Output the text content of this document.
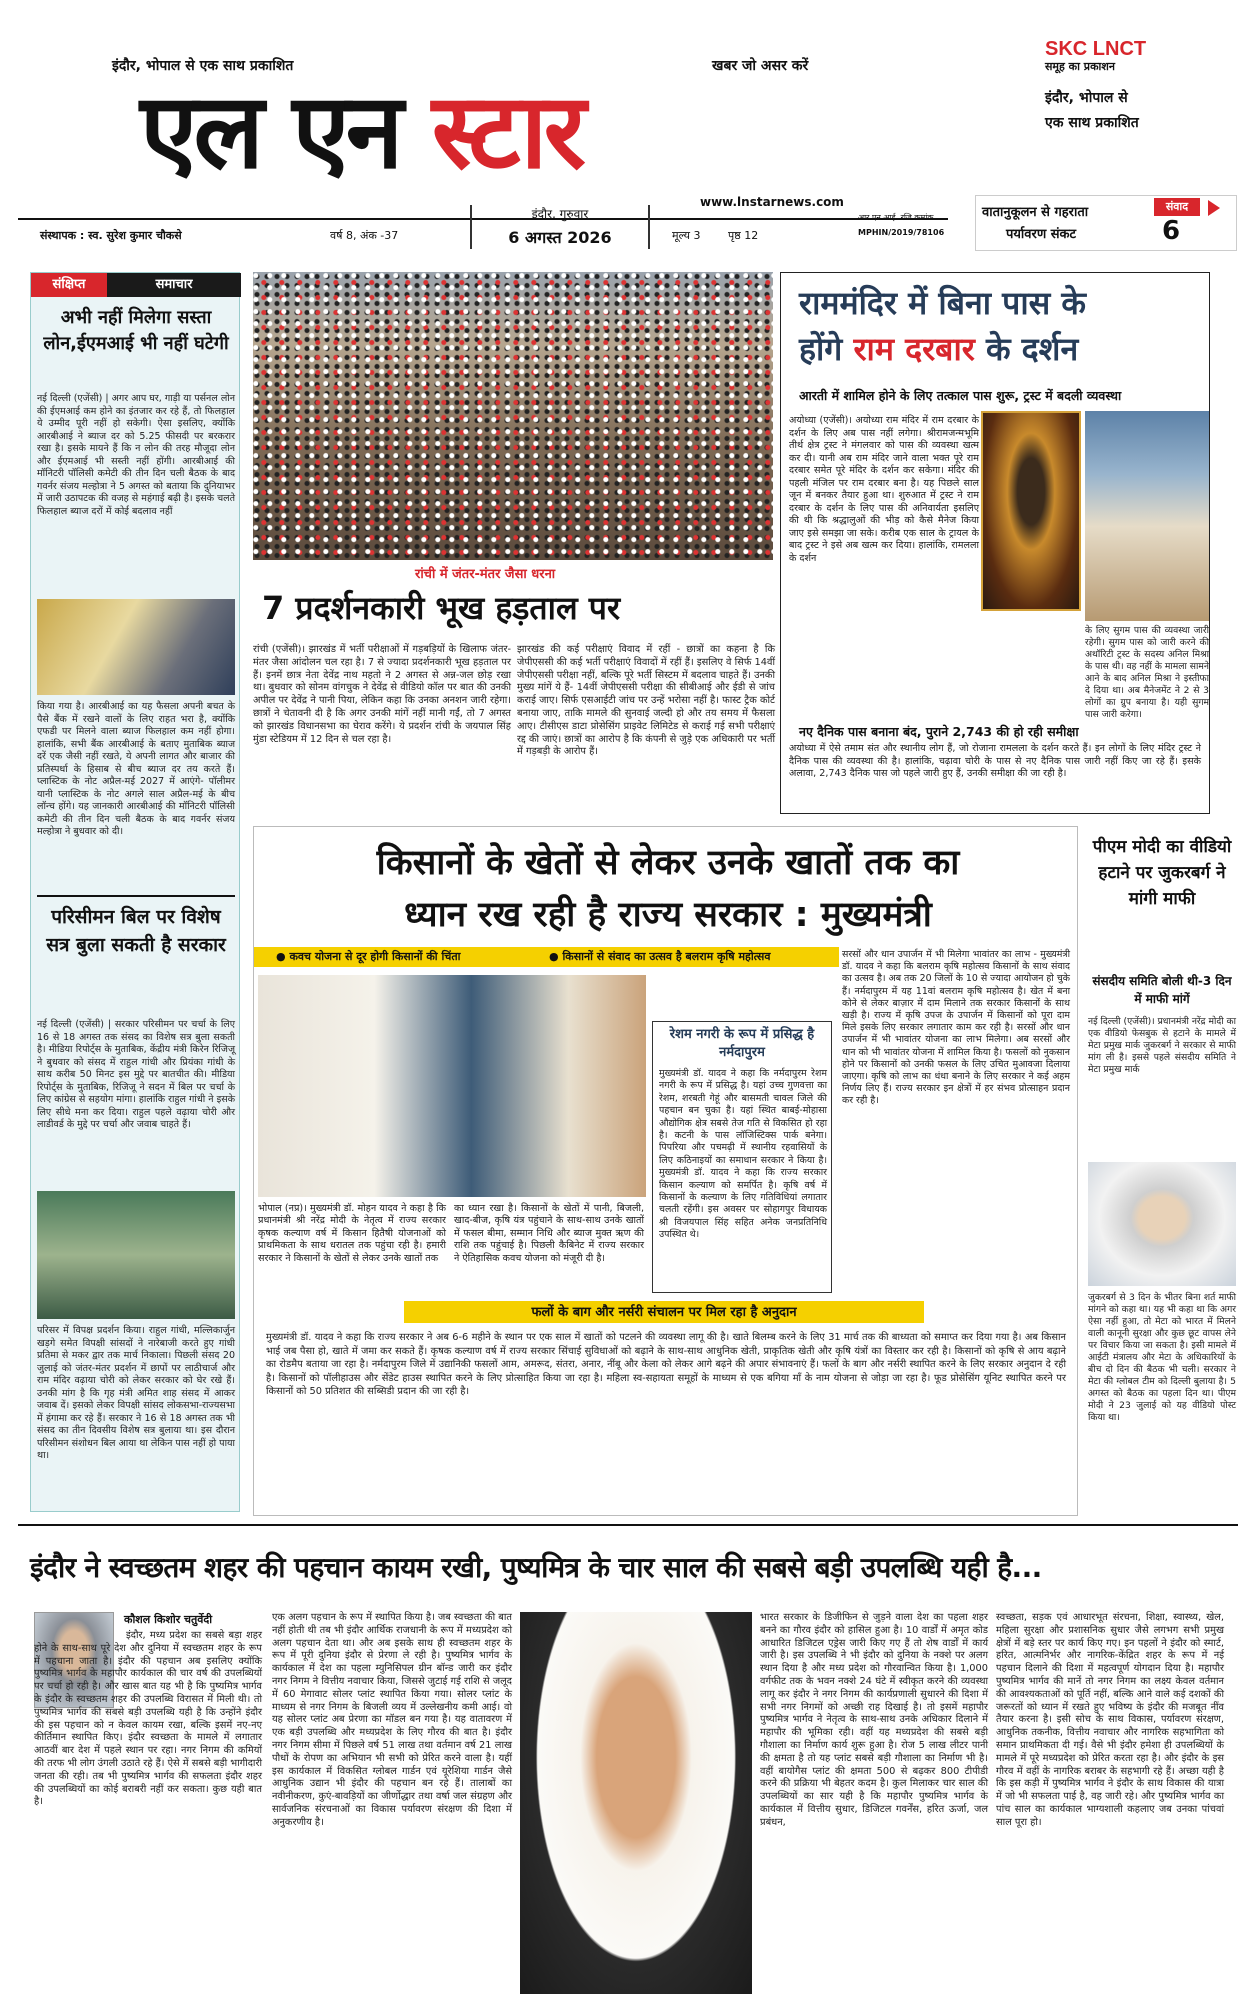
इंदौर, भोपाल से एक साथ प्रकाशित	खबर जो असर करें
एल एन स्टार
www.lnstarnews.com
SKC LNCT
समूह का प्रकाशन
इंदौर, भोपाल से
एक साथ प्रकाशित
संस्थापक : स्व. सुरेश कुमार चौकसे	वर्ष 8, अंक -37
इंदौर, गुरुवार
6 अगस्त 2026	मूल्य 3	पृष्ठ 12
आर.एन.आई. रजि.क्रमांक
MPHIN/2019/78106
वातानुकूलन से गहराता
पर्यावरण संकट
संवाद
6
संक्षिप्त	समाचार
अभी नहीं मिलेगा सस्ता लोन,ईएमआई भी नहीं घटेगी
नई दिल्ली (एजेंसी) | अगर आप घर, गाड़ी या पर्सनल लोन की ईएमआई कम होने का इंतजार कर रहे हैं, तो फिलहाल ये उम्मीद पूरी नहीं हो सकेगी। ऐसा इसलिए, क्योंकि आरबीआई ने ब्याज दर को 5.25 फीसदी पर बरकरार रखा है। इसके मायने हैं कि न लोन की तरह मौजूदा लोन और ईएमआई भी सस्ती नहीं होंगी। आरबीआई की मॉनिटरी पॉलिसी कमेटी की तीन दिन चली बैठक के बाद गवर्नर संजय मल्होत्रा ने 5 अगस्त को बताया कि दुनियाभर में जारी उठापटक की वजह से महंगाई बढ़ी है। इसके चलते फिलहाल ब्याज दरों में कोई बदलाव नहीं
किया गया है। आरबीआई का यह फैसला अपनी बचत के पैसे बैंक में रखने वालों के लिए राहत भरा है, क्योंकि एफडी पर मिलने वाला ब्याज फिलहाल कम नहीं होगा। हालांकि, सभी बैंक आरबीआई के बताए मुताबिक ब्याज दरें एक जैसी नहीं रखते, ये अपनी लागत और बाजार की प्रतिस्पर्धा के हिसाब से बीच ब्याज दर तय करते हैं। प्लास्टिक के नोट अप्रैल-मई 2027 में आएंगे- पॉलीमर यानी प्लास्टिक के नोट अगले साल अप्रैल-मई के बीच लॉन्च होंगे। यह जानकारी आरबीआई की मॉनिटरी पॉलिसी कमेटी की तीन दिन चली बैठक के बाद गवर्नर संजय मल्होत्रा ने बुधवार को दी।
परिसीमन बिल पर विशेष सत्र बुला सकती है सरकार
नई दिल्ली (एजेंसी) | सरकार परिसीमन पर चर्चा के लिए 16 से 18 अगस्त तक संसद का विशेष सत्र बुला सकती है। मीडिया रिपोर्ट्स के मुताबिक, केंद्रीय मंत्री किरेन रिजिजू ने बुधवार को संसद में राहुल गांधी और प्रियंका गांधी के साथ करीब 50 मिनट इस मुद्दे पर बातचीत की। मीडिया रिपोर्ट्स के मुताबिक, रिजिजू ने सदन में बिल पर चर्चा के लिए कांग्रेस से सहयोग मांगा। हालांकि राहुल गांधी ने इसके लिए सीधे मना कर दिया। राहुल पहले वढ़ाया चोरी और लाडीवर्ड के मुद्दे पर चर्चा और जवाब चाहते हैं।
परिसर में विपक्ष प्रदर्शन किया। राहुल गांधी, मल्लिकार्जुन खड़गे समेत विपक्षी सांसदों ने नारेबाजी करते हुए गांधी प्रतिमा से मकर द्वार तक मार्च निकाला। पिछली संसद 20 जुलाई को जंतर-मंतर प्रदर्शन में छापों पर लाठीचार्ज और राम मंदिर वढ़ाया चोरी को लेकर सरकार को घेर रखे हैं। उनकी मांग है कि गृह मंत्री अमित शाह संसद में आकर जवाब दें। इसको लेकर विपक्षी सांसद लोकसभा-राज्यसभा में हंगामा कर रहे हैं। सरकार ने 16 से 18 अगस्त तक भी संसद का तीन दिवसीय विशेष सत्र बुलाया था। इस दौरान परिसीमन संशोधन बिल आया था लेकिन पास नहीं हो पाया था।
रांची में जंतर-मंतर जैसा धरना
7 प्रदर्शनकारी भूख हड़ताल पर
रांची (एजेंसी)। झारखंड में भर्ती परीक्षाओं में गड़बड़ियों के खिलाफ जंतर-मंतर जैसा आंदोलन चल रहा है। 7 से ज्यादा प्रदर्शनकारी भूख हड़ताल पर हैं। इनमें छात्र नेता देवेंद्र नाथ महतो ने 2 अगस्त से अन्न-जल छोड़ रखा था। बुधवार को सोनम वांगचुक ने देवेंद्र से वीडियो कॉल पर बात की उनकी अपील पर देवेंद्र ने पानी पिया, लेकिन कहा कि उनका अनशन जारी रहेगा। छात्रों ने चेतावनी दी है कि अगर उनकी मांगें नहीं मानी गईं, तो 7 अगस्त को झारखंड विधानसभा का घेराव करेंगे। ये प्रदर्शन रांची के जयपाल सिंह मुंडा स्टेडियम में 12 दिन से चल रहा है।
झारखंड की कई परीक्षाएं विवाद में रहीं - छात्रों का कहना है कि जेपीएससी की कई भर्ती परीक्षाएं विवादों में रहीं हैं। इसलिए वे सिर्फ 14वीं जेपीएससी परीक्षा नहीं, बल्कि पूरे भर्ती सिस्टम में बदलाव चाहते हैं। उनकी मुख्य मांगें ये हैं- 14वीं जेपीएससी परीक्षा की सीबीआई और ईडी से जांच कराई जाए। सिर्फ एसआईटी जांच पर उन्हें भरोसा नहीं है। फास्ट ट्रैक कोर्ट बनाया जाए, ताकि मामले की सुनवाई जल्दी हो और तय समय में फैसला आए। टीसीएस डाटा प्रोसेसिंग प्राइवेट लिमिटेड से कराई गई सभी परीक्षाएं रद्द की जाएं। छात्रों का आरोप है कि कंपनी से जुड़े एक अधिकारी पर भर्ती में गड़बड़ी के आरोप हैं।
राममंदिर में बिना पास के
होंगे राम दरबार के दर्शन
आरती में शामिल होने के लिए तत्काल पास शुरू, ट्रस्ट में बदली व्यवस्था
अयोध्या (एजेंसी)। अयोध्या राम मंदिर में राम दरबार के दर्शन के लिए अब पास नहीं लगेगा। श्रीरामजन्मभूमि तीर्थ क्षेत्र ट्रस्ट ने मंगलवार को पास की व्यवस्था खत्म कर दी। यानी अब राम मंदिर जाने वाला भक्त पूरे राम दरबार समेत पूरे मंदिर के दर्शन कर सकेगा। मंदिर की पहली मंजिल पर राम दरबार बना है। यह पिछले साल जून में बनकर तैयार हुआ था। शुरुआत में ट्रस्ट ने राम दरबार के दर्शन के लिए पास की अनिवार्यता इसलिए की थी कि श्रद्धालुओं की भीड़ को कैसे मैनेज किया जाए इसे समझा जा सके। करीब एक साल के ट्रायल के बाद ट्रस्ट ने इसे अब खत्म कर दिया। हालांकि, रामलला के दर्शन
के लिए सुगम पास की व्यवस्था जारी रहेगी। सुगम पास को जारी करने की अथॉरिटी ट्रस्ट के सदस्य अनिल मिश्रा के पास थी। वह नहीं के मामला सामने आने के बाद अनिल मिश्रा ने इस्तीफा दे दिया था। अब मैनेजमेंट ने 2 से 3 लोगों का ग्रुप बनाया है। यही सुगम पास जारी करेगा।
नए दैनिक पास बनाना बंद, पुराने 2,743 की हो रही समीक्षा
अयोध्या में ऐसे तमाम संत और स्थानीय लोग हैं, जो रोजाना रामलला के दर्शन करते हैं। इन लोगों के लिए मंदिर ट्रस्ट ने दैनिक पास की व्यवस्था की है। हालांकि, चढ़ावा चोरी के पास से नए दैनिक पास जारी नहीं किए जा रहे हैं। इसके अलावा, 2,743 दैनिक पास जो पहले जारी हुए हैं, उनकी समीक्षा की जा रही है।
किसानों के खेतों से लेकर उनके खातों तक का
ध्यान रख रही है राज्य सरकार : मुख्यमंत्री
● कवच योजना से दूर होगी किसानों की चिंता	● किसानों से संवाद का उत्सव है बलराम कृषि महोत्सव
भोपाल (नप्र)। मुख्यमंत्री डॉ. मोहन यादव ने कहा है कि प्रधानमंत्री श्री नरेंद्र मोदी के नेतृत्व में राज्य सरकार कृषक कल्याण वर्ष में किसान हितैषी योजनाओं को प्राथमिकता के साथ धरातल तक पहुंचा रही है। हमारी सरकार ने किसानों के खेतों से लेकर उनके खातों तक
का ध्यान रखा है। किसानों के खेतों में पानी, बिजली, खाद-बीज, कृषि यंत्र पहुंचाने के साथ-साथ उनके खातों में फसल बीमा, सम्मान निधि और ब्याज मुक्त ऋण की राशि तक पहुंचाई है। पिछली कैबिनेट में राज्य सरकार ने ऐतिहासिक कवच योजना को मंजूरी दी है।
रेशम नगरी के रूप में प्रसिद्ध है नर्मदापुरम
मुख्यमंत्री डॉ. यादव ने कहा कि नर्मदापुरम रेशम नगरी के रूप में प्रसिद्ध है। यहां उच्च गुणवत्ता का रेशम, शरबती गेहूं और बासमती चावल जिले की पहचान बन चुका है। यहां स्थित बाबई-मोहासा औद्योगिक क्षेत्र सबसे तेज गति से विकसित हो रहा है। कटनी के पास लॉजिस्टिक्स पार्क बनेगा। पिपरिया और पचमढ़ी में स्थानीय रहवासियों के लिए कठिनाइयों का समाधान सरकार ने किया है। मुख्यमंत्री डॉ. यादव ने कहा कि राज्य सरकार किसान कल्याण को समर्पित है। कृषि वर्ष में किसानों के कल्याण के लिए गतिविधियां लगातार चलती रहेंगी। इस अवसर पर सोहागपुर विधायक श्री विजयपाल सिंह सहित अनेक जनप्रतिनिधि उपस्थित थे।
सरसों और धान उपार्जन में भी मिलेगा भावांतर का लाभ - मुख्यमंत्री डॉ. यादव ने कहा कि बलराम कृषि महोत्सव किसानों के साथ संवाद का उत्सव है। अब तक 20 जिलों के 10 से ज्यादा आयोजन हो चुके हैं। नर्मदापुरम में यह 11वां बलराम कृषि महोत्सव है। खेत में बना कोने से लेकर बाज़ार में दाम मिलाने तक सरकार किसानों के साथ खड़ी है। राज्य में कृषि उपज के उपार्जन में किसानों को पूरा दाम मिले इसके लिए सरकार लगातार काम कर रही है। सरसों और धान उपार्जन में भी भावांतर योजना का लाभ मिलेगा। अब सरसों और धान को भी भावांतर योजना में शामिल किया है। फसलों को नुकसान होने पर किसानों को उनकी फसल के लिए उचित मुआवजा दिलाया जाएगा। कृषि को लाभ का धंधा बनाने के लिए सरकार ने कई अहम निर्णय लिए हैं। राज्य सरकार इन क्षेत्रों में हर संभव प्रोत्साहन प्रदान कर रही है।
फलों के बाग और नर्सरी संचालन पर मिल रहा है अनुदान
मुख्यमंत्री डॉ. यादव ने कहा कि राज्य सरकार ने अब 6-6 महीने के स्थान पर एक साल में खातों को पटलने की व्यवस्था लागू की है। खाते बिलम्ब करने के लिए 31 मार्च तक की बाध्यता को समाप्त कर दिया गया है। अब किसान भाई जब पैसा हो, खाते में जमा कर सकते हैं। कृषक कल्याण वर्ष में राज्य सरकार सिंचाई सुविधाओं को बढ़ाने के साथ-साथ आधुनिक खेती, प्राकृतिक खेती और कृषि यंत्रों का विस्तार कर रही है। किसानों को कृषि से आय बढ़ाने का रोडमैप बताया जा रहा है। नर्मदापुरम जिले में उद्यानिकी फसलों आम, अमरूद, संतरा, अनार, नींबू और केला को लेकर आगे बढ़ने की अपार संभावनाएं हैं। फलों के बाग और नर्सरी स्थापित करने के लिए सरकार अनुदान दे रही है। किसानों को पॉलीहाउस और सेंडेट हाउस स्थापित करने के लिए प्रोत्साहित किया जा रहा है। महिला स्व-सहायता समूहों के माध्यम से एक बगिया माँ के नाम योजना से जोड़ा जा रहा है। फूड प्रोसेसिंग यूनिट स्थापित करने पर किसानों को 50 प्रतिशत की सब्सिडी प्रदान की जा रही है।
पीएम मोदी का वीडियो हटाने पर जुकरबर्ग ने मांगी माफी
संसदीय समिति बोली थी-3 दिन में माफी मांगें
नई दिल्ली (एजेंसी)। प्रधानमंत्री नरेंद्र मोदी का एक वीडियो फेसबुक से हटाने के मामले में मेटा प्रमुख मार्क जुकरबर्ग ने सरकार से माफी मांग ली है। इससे पहले संसदीय समिति ने मेटा प्रमुख मार्क
जुकरबर्ग से 3 दिन के भीतर बिना शर्त माफी मांगने को कहा था। यह भी कहा था कि अगर ऐसा नहीं हुआ, तो मेटा को भारत में मिलने वाली कानूनी सुरक्षा और कुछ छूट वापस लेने पर विचार किया जा सकता है। इसी मामले में आईटी मंत्रालय और मेटा के अधिकारियों के बीच दो दिन की बैठक भी चली। सरकार ने मेटा की ग्लोबल टीम को दिल्ली बुलाया है। 5 अगस्त को बैठक का पहला दिन था। पीएम मोदी ने 23 जुलाई को यह वीडियो पोस्ट किया था।
इंदौर ने स्वच्छतम शहर की पहचान कायम रखी, पुष्यमित्र के चार साल की सबसे बड़ी उपलब्धि यही है...
कौशल किशोर चतुर्वेदी
इंदौर, मध्य प्रदेश का सबसे बड़ा शहर होने के साथ-साथ पूरे देश और दुनिया में स्वच्छतम शहर के रूप में पहचाना जाता है। इंदौर की पहचान अब इसलिए क्योंकि पुष्यमित्र भार्गव के महापौर कार्यकाल की चार वर्ष की उपलब्धियों पर चर्चा हो रही है। और खास बात यह भी है कि पुष्यमित्र भार्गव के इंदौर के स्वच्छतम शहर की उपलब्धि विरासत में मिली थी। तो पुष्यमित्र भार्गव की सबसे बड़ी उपलब्धि यही है कि उन्होंने इंदौर की इस पहचान को न केवल कायम रखा, बल्कि इसमें नए-नए कीर्तिमान स्थापित किए। इंदौर स्वच्छता के मामले में लगातार आठवीं बार देश में पहले स्थान पर रहा। नगर निगम की कमियों की तरफ भी लोग उंगली उठाते रहे हैं। ऐसे में सबसे बड़ी भागीदारी जनता की रही। तब भी पुष्यमित्र भार्गव की सफलता इंदौर शहर की उपलब्धियों का कोई बराबरी नहीं कर सकता। कुछ यही बात है।
एक अलग पहचान के रूप में स्थापित किया है। जब स्वच्छता की बात नहीं होती थी तब भी इंदौर आर्थिक राजधानी के रूप में मध्यप्रदेश को अलग पहचान देता था। और अब इसके साथ ही स्वच्छतम शहर के रूप में पूरी दुनिया इंदौर से प्रेरणा ले रही है। पुष्यमित्र भार्गव के कार्यकाल में देश का पहला म्युनिसिपल ग्रीन बॉन्ड जारी कर इंदौर नगर निगम ने वित्तीय नवाचार किया, जिससे जुटाई गई राशि से जलूद में 60 मेगावाट सोलर प्लांट स्थापित किया गया। सोलर प्लांट के माध्यम से नगर निगम के बिजली व्यय में उल्लेखनीय कमी आई। वो यह सोलर प्लांट अब प्रेरणा का मॉडल बन गया है। यह वातावरण में एक बड़ी उपलब्धि और मध्यप्रदेश के लिए गौरव की बात है। इंदौर नगर निगम सीमा में पिछले वर्ष 51 लाख तथा वर्तमान वर्ष 21 लाख पौधों के रोपण का अभियान भी सभी को प्रेरित करने वाला है। यहीं इस कार्यकाल में विकसित ग्लोबल गार्डन एवं यूरेशिया गार्डन जैसे आधुनिक उद्यान भी इंदौर की पहचान बन रहे हैं। तालाबों का नवीनीकरण, कुएं-बावड़ियों का जीर्णोद्धार तथा वर्षा जल संग्रहण और सार्वजनिक संरचनाओं का विकास पर्यावरण संरक्षण की दिशा में अनुकरणीय है।
भारत सरकार के डिजीफिन से जुड़ने वाला देश का पहला शहर बनने का गौरव इंदौर को हासिल हुआ है। 10 वार्डों में अमृत कोड आधारित डिजिटल एड्रेस जारी किए गए हैं तो शेष वार्डों में कार्य जारी है। इस उपलब्धि ने भी इंदौर को दुनिया के नक्शे पर अलग स्थान दिया है और मध्य प्रदेश को गौरवान्वित किया है। 1,000 वर्गफीट तक के भवन नक्शे 24 घंटे में स्वीकृत करने की व्यवस्था लागू कर इंदौर ने नगर निगम की कार्यप्रणाली सुधारने की दिशा में सभी नगर निगमों को अच्छी राह दिखाई है। तो इसमें महापौर पुष्यमित्र भार्गव ने नेतृत्व के साथ-साथ उनके अधिकार दिलाने में महापौर की भूमिका रही। वहीं यह मध्यप्रदेश की सबसे बड़ी गौशाला का निर्माण कार्य शुरू हुआ है। रोज 5 लाख लीटर पानी की क्षमता है तो यह प्लांट सबसे बड़ी गौशाला का निर्माण भी है। वहीं बायोगैस प्लांट की क्षमता 500 से बढ़कर 800 टीपीडी करने की प्रक्रिया भी बेहतर कदम है। कुल मिलाकर चार साल की उपलब्धियों का सार यही है कि महापौर पुष्यमित्र भार्गव के कार्यकाल में वित्तीय सुधार, डिजिटल गवर्नेंस, हरित ऊर्जा, जल प्रबंधन,
स्वच्छता, सड़क एवं आधारभूत संरचना, शिक्षा, स्वास्थ्य, खेल, महिला सुरक्षा और प्रशासनिक सुधार जैसे लगभग सभी प्रमुख क्षेत्रों में बड़े स्तर पर कार्य किए गए। इन पहलों ने इंदौर को स्मार्ट, हरित, आत्मनिर्भर और नागरिक-केंद्रित शहर के रूप में नई पहचान दिलाने की दिशा में महत्वपूर्ण योगदान दिया है। महापौर पुष्यमित्र भार्गव की मानें तो नगर निगम का लक्ष्य केवल वर्तमान की आवश्यकताओं को पूर्ति नहीं, बल्कि आने वाले कई दशकों की जरूरतों को ध्यान में रखते हुए भविष्य के इंदौर की मजबूत नींव तैयार करना है। इसी सोच के साथ विकास, पर्यावरण संरक्षण, आधुनिक तकनीक, वित्तीय नवाचार और नागरिक सहभागिता को समान प्राथमिकता दी गई। वैसे भी इंदौर हमेशा ही उपलब्धियों के मामले में पूरे मध्यप्रदेश को प्रेरित करता रहा है। और इंदौर के इस गौरव में वहीं के नागरिक बराबर के सहभागी रहे हैं। अच्छा यही है कि इस कड़ी में पुष्यमित्र भार्गव ने इंदौर के साथ विकास की यात्रा में जो भी सफलता पाई है, वह जारी रहे। और पुष्यमित्र भार्गव का पांच साल का कार्यकाल भाग्यशाली कहलाए जब उनका पांचवां साल पूरा हो।
